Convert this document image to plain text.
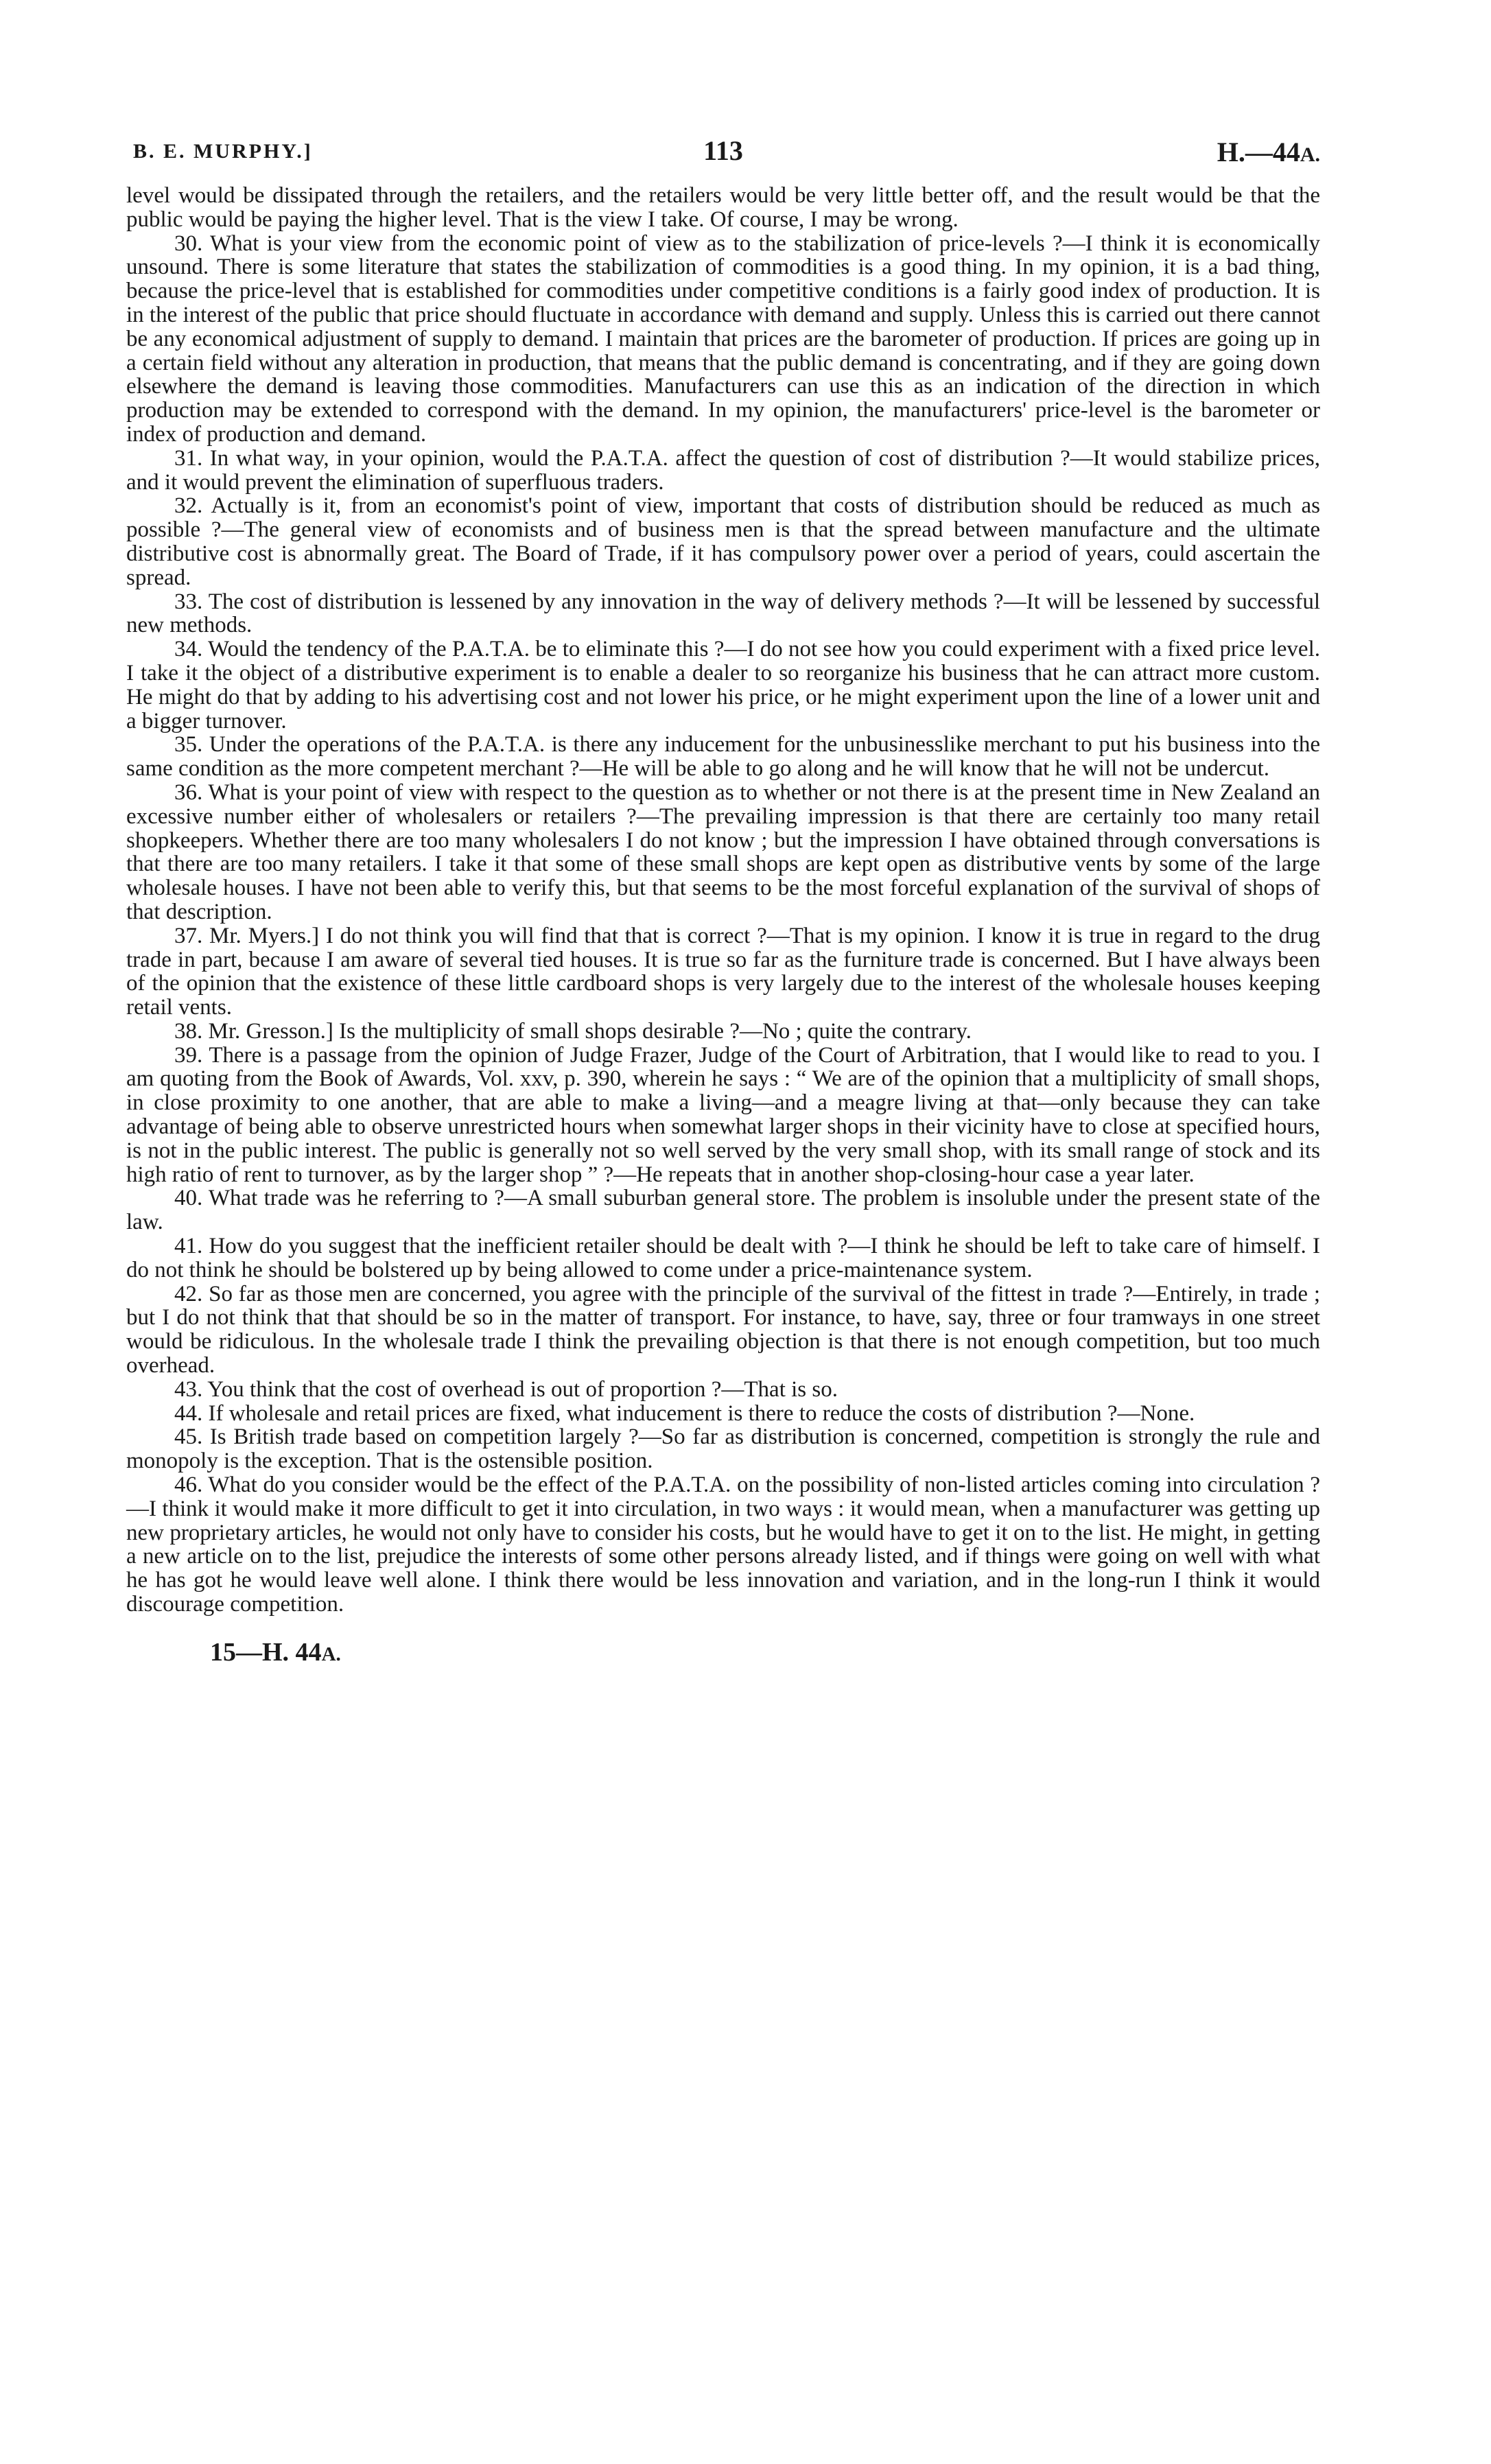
B. E. MURPHY.]	113	H.—44A.

level would be dissipated through the retailers, and the retailers would be very little better off, and the result would be that the public would be paying the higher level. That is the view I take. Of course, I may be wrong.

30. What is your view from the economic point of view as to the stabilization of price-levels ?—I think it is economically unsound. There is some literature that states the stabilization of commodities is a good thing. In my opinion, it is a bad thing, because the price-level that is established for commodities under competitive conditions is a fairly good index of production. It is in the interest of the public that price should fluctuate in accordance with demand and supply. Unless this is carried out there cannot be any economical adjustment of supply to demand. I maintain that prices are the barometer of production. If prices are going up in a certain field without any alteration in production, that means that the public demand is concentrating, and if they are going down elsewhere the demand is leaving those commodities. Manufacturers can use this as an indication of the direction in which production may be extended to correspond with the demand. In my opinion, the manufacturers' price-level is the barometer or index of production and demand.

31. In what way, in your opinion, would the P.A.T.A. affect the question of cost of distribution ?—It would stabilize prices, and it would prevent the elimination of superfluous traders.

32. Actually is it, from an economist's point of view, important that costs of distribution should be reduced as much as possible ?—The general view of economists and of business men is that the spread between manufacture and the ultimate distributive cost is abnormally great. The Board of Trade, if it has compulsory power over a period of years, could ascertain the spread.

33. The cost of distribution is lessened by any innovation in the way of delivery methods ?—It will be lessened by successful new methods.

34. Would the tendency of the P.A.T.A. be to eliminate this ?—I do not see how you could experiment with a fixed price level. I take it the object of a distributive experiment is to enable a dealer to so reorganize his business that he can attract more custom. He might do that by adding to his advertising cost and not lower his price, or he might experiment upon the line of a lower unit and a bigger turnover.

35. Under the operations of the P.A.T.A. is there any inducement for the unbusinesslike merchant to put his business into the same condition as the more competent merchant ?—He will be able to go along and he will know that he will not be undercut.

36. What is your point of view with respect to the question as to whether or not there is at the present time in New Zealand an excessive number either of wholesalers or retailers ?—The prevailing impression is that there are certainly too many retail shopkeepers. Whether there are too many wholesalers I do not know ; but the impression I have obtained through conversations is that there are too many retailers. I take it that some of these small shops are kept open as distributive vents by some of the large wholesale houses. I have not been able to verify this, but that seems to be the most forceful explanation of the survival of shops of that description.

37. Mr. Myers.] I do not think you will find that that is correct ?—That is my opinion. I know it is true in regard to the drug trade in part, because I am aware of several tied houses. It is true so far as the furniture trade is concerned. But I have always been of the opinion that the existence of these little cardboard shops is very largely due to the interest of the wholesale houses keeping retail vents.

38. Mr. Gresson.] Is the multiplicity of small shops desirable ?—No ; quite the contrary.

39. There is a passage from the opinion of Judge Frazer, Judge of the Court of Arbitration, that I would like to read to you. I am quoting from the Book of Awards, Vol. xxv, p. 390, wherein he says : “ We are of the opinion that a multiplicity of small shops, in close proximity to one another, that are able to make a living—and a meagre living at that—only because they can take advantage of being able to observe unrestricted hours when somewhat larger shops in their vicinity have to close at specified hours, is not in the public interest. The public is generally not so well served by the very small shop, with its small range of stock and its high ratio of rent to turnover, as by the larger shop ” ?—He repeats that in another shop-closing-hour case a year later.

40. What trade was he referring to ?—A small suburban general store. The problem is insoluble under the present state of the law.

41. How do you suggest that the inefficient retailer should be dealt with ?—I think he should be left to take care of himself. I do not think he should be bolstered up by being allowed to come under a price-maintenance system.

42. So far as those men are concerned, you agree with the principle of the survival of the fittest in trade ?—Entirely, in trade ; but I do not think that that should be so in the matter of transport. For instance, to have, say, three or four tramways in one street would be ridiculous. In the wholesale trade I think the prevailing objection is that there is not enough competition, but too much overhead.

43. You think that the cost of overhead is out of proportion ?—That is so.

44. If wholesale and retail prices are fixed, what inducement is there to reduce the costs of distribution ?—None.

45. Is British trade based on competition largely ?—So far as distribution is concerned, competition is strongly the rule and monopoly is the exception. That is the ostensible position.

46. What do you consider would be the effect of the P.A.T.A. on the possibility of non-listed articles coming into circulation ?—I think it would make it more difficult to get it into circulation, in two ways : it would mean, when a manufacturer was getting up new proprietary articles, he would not only have to consider his costs, but he would have to get it on to the list. He might, in getting a new article on to the list, prejudice the interests of some other persons already listed, and if things were going on well with what he has got he would leave well alone. I think there would be less innovation and variation, and in the long-run I think it would discourage competition.

15—H. 44A.
